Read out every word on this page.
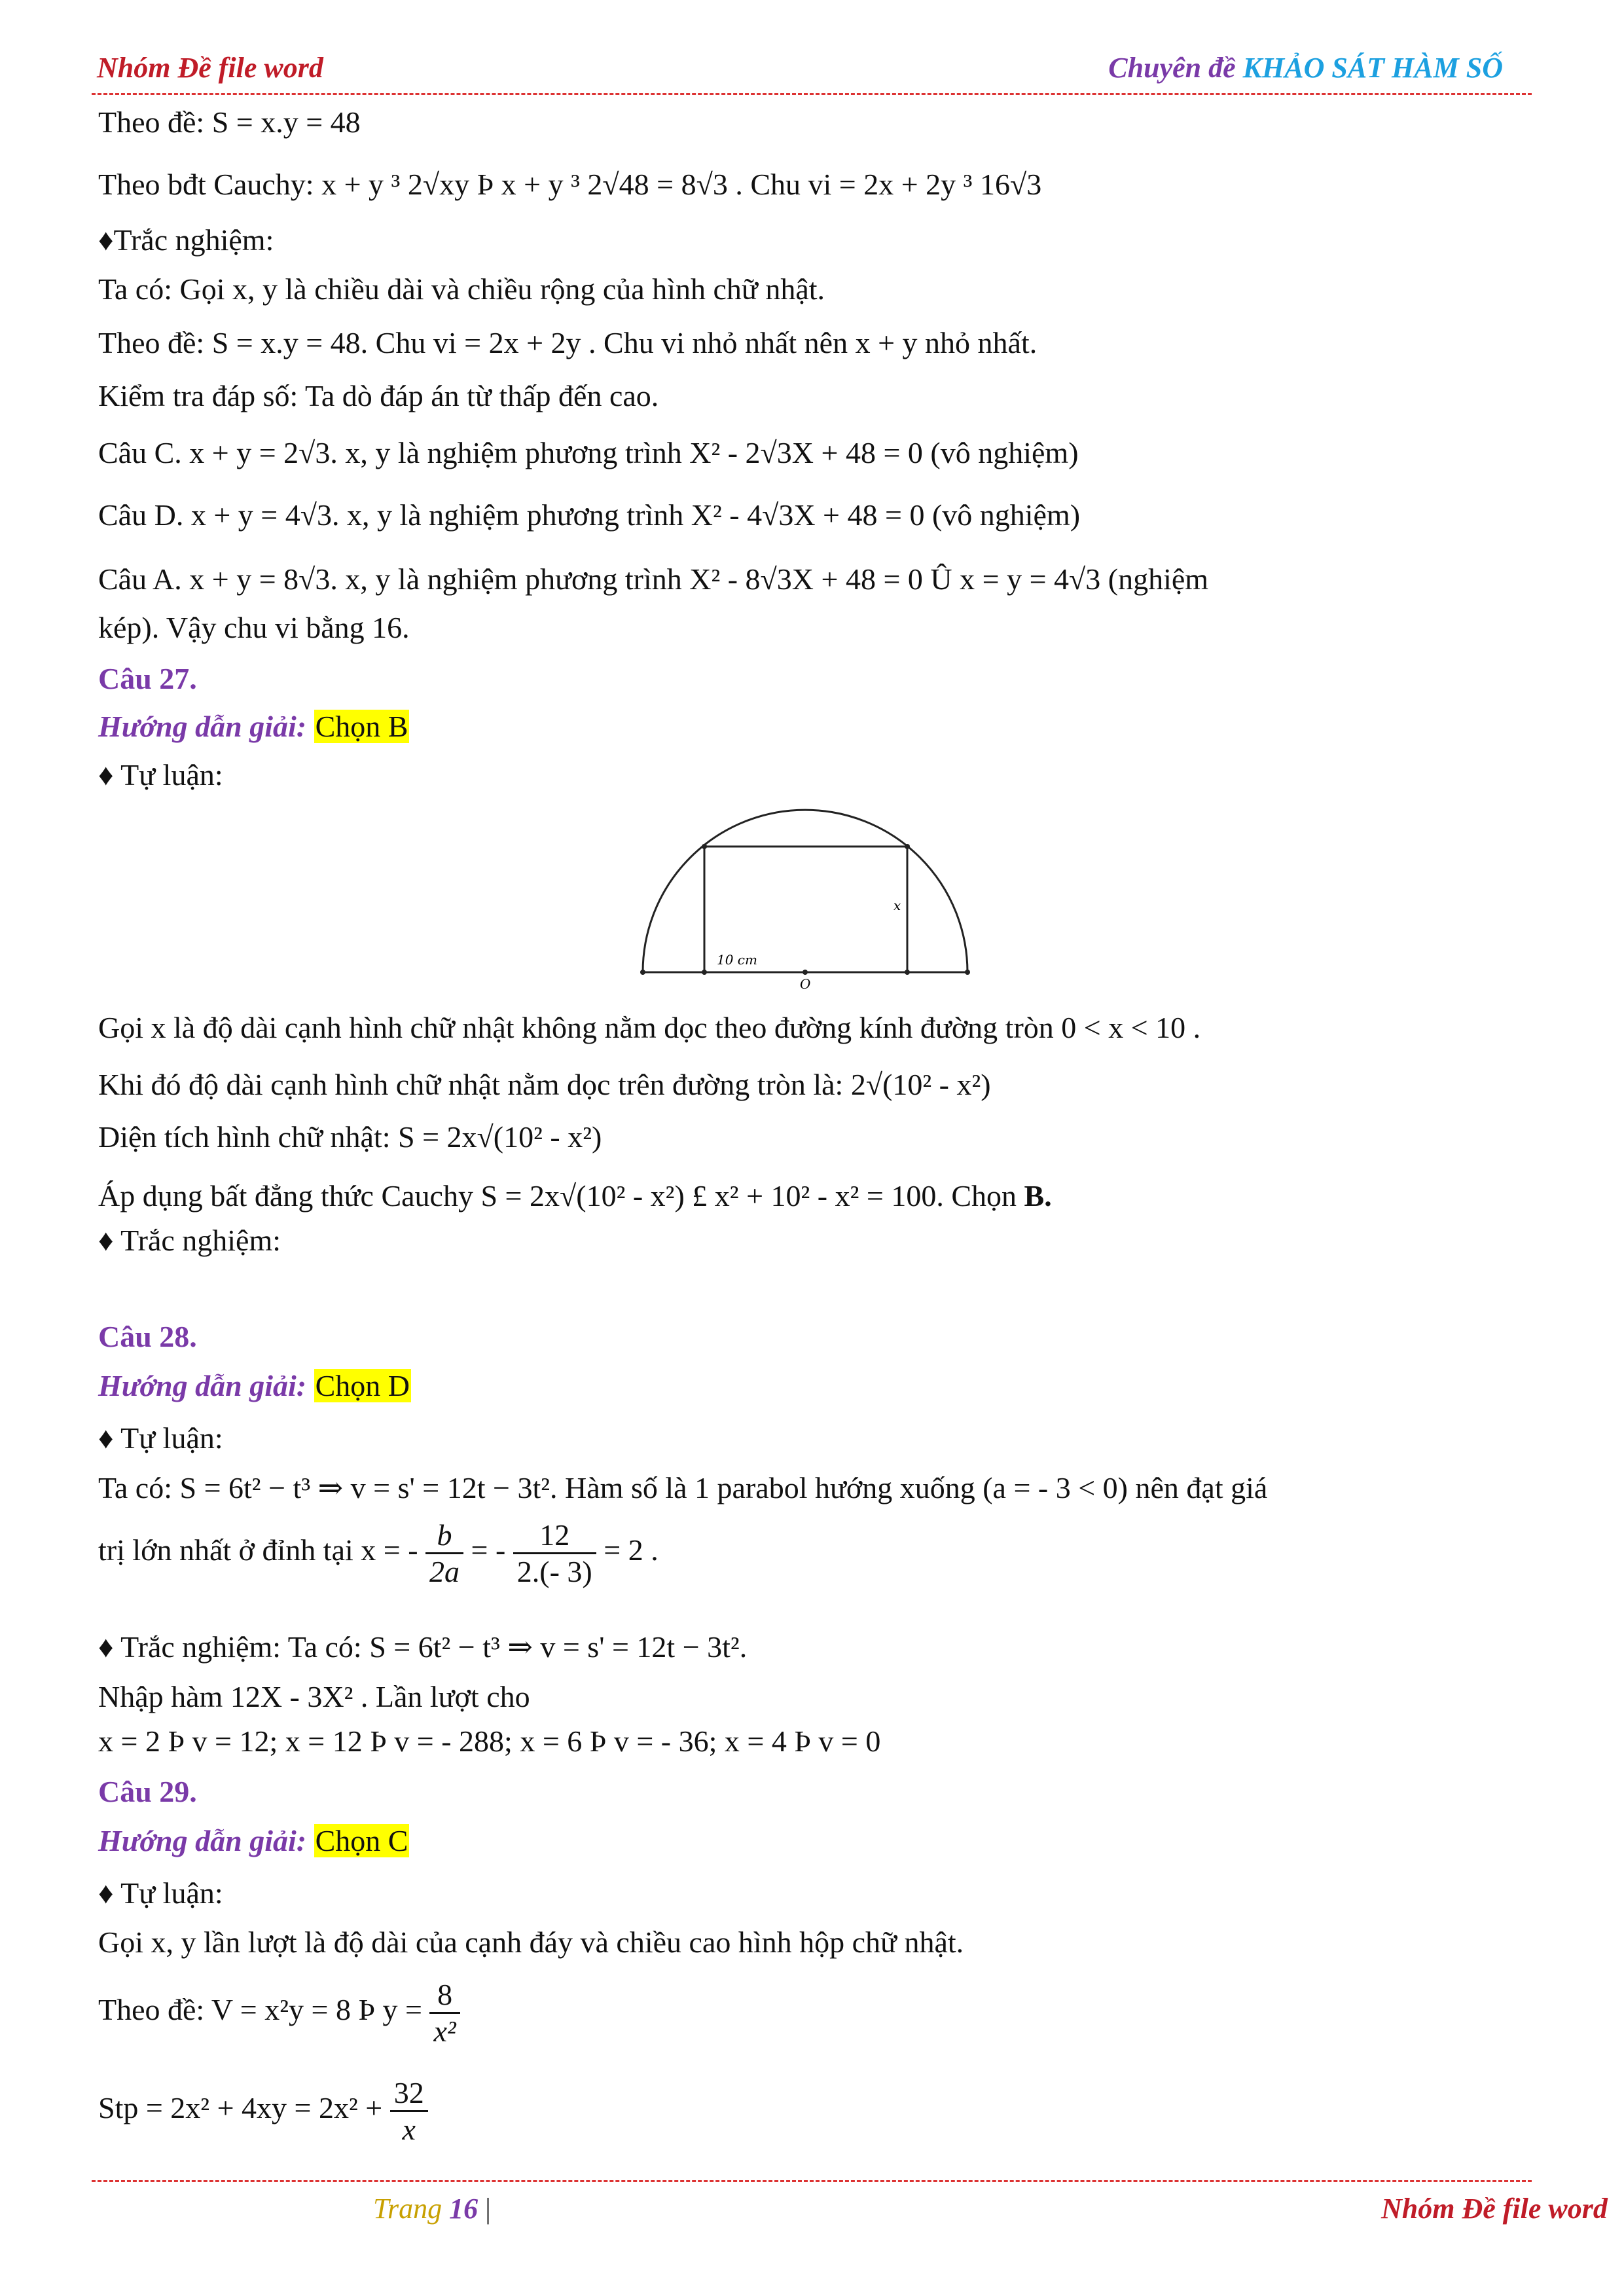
Nhóm Đề file word	Chuyên đề KHẢO SÁT HÀM SỐ
Theo đề: S = x.y = 48
Theo bđt Cauchy: x + y ³ 2√xy Þ x + y ³ 2√48 = 8√3 . Chu vi = 2x + 2y ³ 16√3
♦Trắc nghiệm:
Ta có: Gọi x, y là chiều dài và chiều rộng của hình chữ nhật.
Theo đề: S = x.y = 48. Chu vi = 2x + 2y . Chu vi nhỏ nhất nên x + y nhỏ nhất.
Kiểm tra đáp số: Ta dò đáp án từ thấp đến cao.
Câu C. x + y = 2√3. x, y là nghiệm phương trình X² - 2√3X + 48 = 0 (vô nghiệm)
Câu D. x + y = 4√3. x, y là nghiệm phương trình X² - 4√3X + 48 = 0 (vô nghiệm)
Câu A. x + y = 8√3. x, y là nghiệm phương trình X² - 8√3X + 48 = 0 Û x = y = 4√3 (nghiệm
kép). Vậy chu vi bằng 16.
Câu 27.
Hướng dẫn giải: Chọn B
♦ Tự luận:
10 cm
x
O
Gọi x là độ dài cạnh hình chữ nhật không nằm dọc theo đường kính đường tròn 0 < x < 10 .
Khi đó độ dài cạnh hình chữ nhật nằm dọc trên đường tròn là: 2√(10² - x²)
Diện tích hình chữ nhật: S = 2x√(10² - x²)
Áp dụng bất đẳng thức Cauchy S = 2x√(10² - x²) £ x² + 10² - x² = 100. Chọn B.
♦ Trắc nghiệm:
Câu 28.
Hướng dẫn giải: Chọn D
♦ Tự luận:
Ta có: S = 6t² − t³ ⇒ v = s' = 12t − 3t². Hàm số là 1 parabol hướng xuống (a = - 3 < 0) nên đạt giá
trị lớn nhất ở đỉnh tại x = - $\frac{b}{2a}$ = - $\frac{12}{2.(- 3)} = 2$ .
♦ Trắc nghiệm: Ta có: S = 6t² − t³ ⇒ v = s' = 12t − 3t².
Nhập hàm 12X - 3X² . Lần lượt cho
x = 2 Þ v = 12; x = 12 Þ v = - 288; x = 6 Þ v = - 36; x = 4 Þ v = 0
Câu 29.
Hướng dẫn giải: Chọn C
♦ Tự luận:
Gọi x, y lần lượt là độ dài của cạnh đáy và chiều cao hình hộp chữ nhật.
Theo đề: V = x²y = 8 Þ $y = \frac{8}{\text{x²}}$
Stp = $2x^2 + 4xy = 2x^2 + \frac{32}{x}$
Trang 16 |	Nhóm Đề file word
